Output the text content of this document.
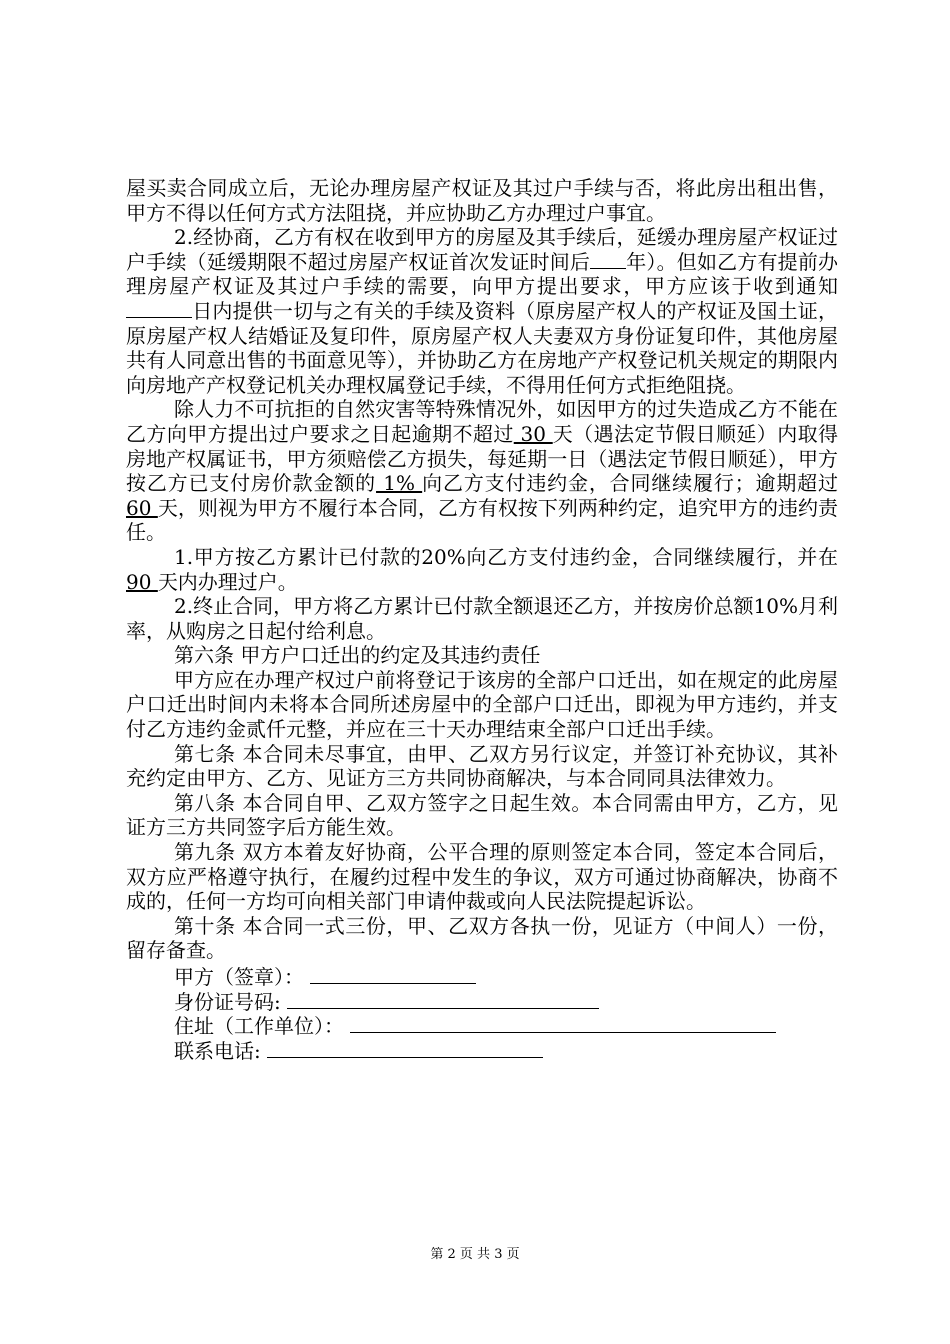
屋买卖合同成立后，无论办理房屋产权证及其过户手续与否，将此房出租出售，甲方不得以任何方式方法阻挠，并应协助乙方办理过户事宜。

2.经协商，乙方有权在收到甲方的房屋及其手续后，延缓办理房屋产权证过户手续（延缓期限不超过房屋产权证首次发证时间后 年）。但如乙方有提前办理房屋产权证及其过户手续的需要，向甲方提出要求，甲方应该于收到通知日内提供一切与之有关的手续及资料（原房屋产权人的产权证及国土证，原房屋产权人结婚证及复印件，原房屋产权人夫妻双方身份证复印件，其他房屋共有人同意出售的书面意见等），并协助乙方在房地产产权登记机关规定的期限内向房地产产权登记机关办理权属登记手续，不得用任何方式拒绝阻挠。

除人力不可抗拒的自然灾害等特殊情况外，如因甲方的过失造成乙方不能在乙方向甲方提出过户要求之日起逾期不超过 30 天（遇法定节假日顺延）内取得房地产权属证书，甲方须赔偿乙方损失，每延期一日（遇法定节假日顺延），甲方按乙方已支付房价款金额的 1% 向乙方支付违约金，合同继续履行；逾期超过 60 天，则视为甲方不履行本合同，乙方有权按下列两种约定，追究甲方的违约责任。

1.甲方按乙方累计已付款的20%向乙方支付违约金，合同继续履行，并在90 天内办理过户。

2.终止合同，甲方将乙方累计已付款全额退还乙方，并按房价总额10%月利率，从购房之日起付给利息。

第六条 甲方户口迁出的约定及其违约责任

甲方应在办理产权过户前将登记于该房的全部户口迁出，如在规定的此房屋户口迁出时间内未将本合同所述房屋中的全部户口迁出，即视为甲方违约，并支付乙方违约金贰仟元整，并应在三十天办理结束全部户口迁出手续。

第七条 本合同未尽事宜，由甲、乙双方另行议定，并签订补充协议，其补充约定由甲方、乙方、见证方三方共同协商解决，与本合同同具法律效力。

第八条 本合同自甲、乙双方签字之日起生效。本合同需由甲方，乙方，见证方三方共同签字后方能生效。

第九条 双方本着友好协商，公平合理的原则签定本合同，签定本合同后，双方应严格遵守执行，在履约过程中发生的争议，双方可通过协商解决，协商不成的，任何一方均可向相关部门申请仲裁或向人民法院提起诉讼。

第十条 本合同一式三份，甲、乙双方各执一份，见证方（中间人）一份，留存备查。

甲方（签章）：
身份证号码:
住址（工作单位）：
联系电话:
第 2 页 共 3 页
